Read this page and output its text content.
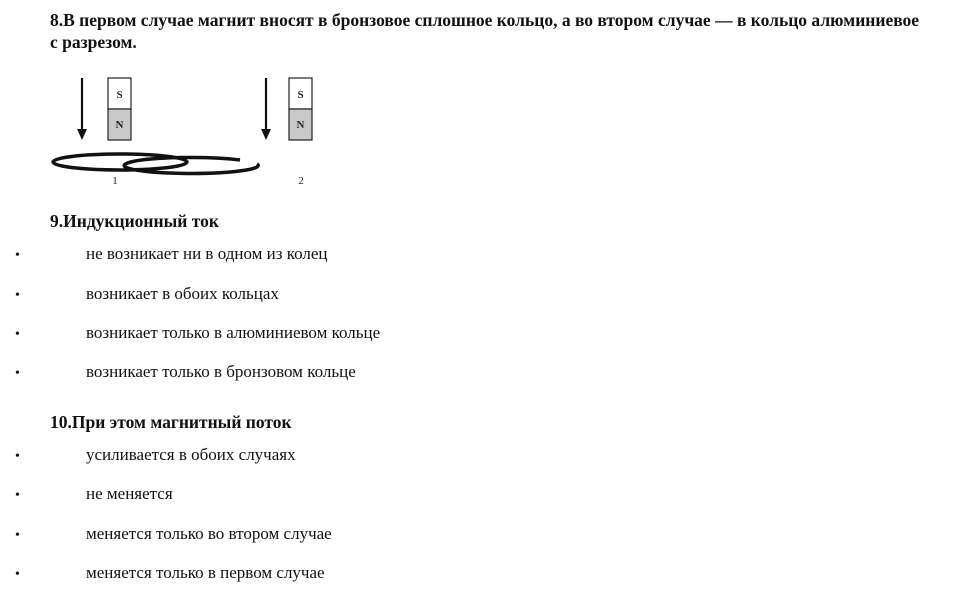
8.В первом случае магнит вносят в бронзовое сплошное кольцо, а во втором случае — в кольцо алюминиевое с разрезом.
S
N
1
S
N
2
9.Индукционный ток
•	не возникает ни в одном из колец
•	возникает в обоих кольцах
•	возникает только в алюминиевом кольце
•	возникает только в бронзовом кольце
10.При этом магнитный поток
•	усиливается в обоих случаях
•	не меняется
•	меняется только во втором случае
•	меняется только в первом случае
